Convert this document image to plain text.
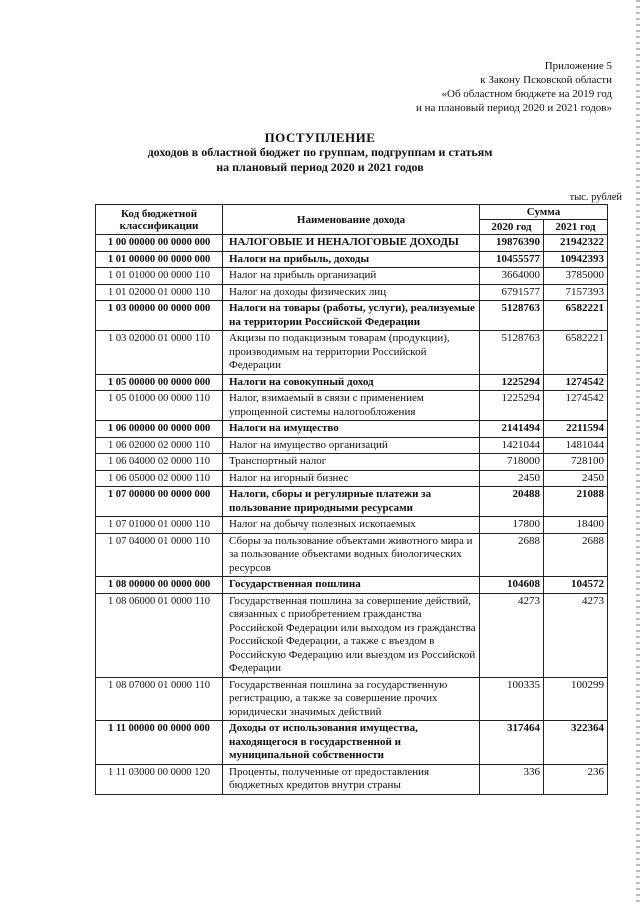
Приложение 5
к Закону Псковской области
«Об областном бюджете на 2019 год
и на плановый период 2020 и 2021 годов»
ПОСТУПЛЕНИЕ
доходов в областной бюджет по группам, подгруппам и статьям
на плановый период 2020 и 2021 годов
тыс. рублей
Код бюджетной классификации	Наименование дохода	Сумма	
		2020 год	2021 год
1 00 00000 00 0000 000	НАЛОГОВЫЕ И НЕНАЛОГОВЫЕ ДОХОДЫ	19876390	21942322
1 01 00000 00 0000 000	Налоги на прибыль, доходы	10455577	10942393
1 01 01000 00 0000 110	Налог на прибыль организаций	3664000	3785000
1 01 02000 01 0000 110	Налог на доходы физических лиц	6791577	7157393
1 03 00000 00 0000 000	Налоги на товары (работы, услуги), реализуемые на территории Российской Федерации	5128763	6582221
1 03 02000 01 0000 110	Акцизы по подакцизным товарам (продукции), производимым на территории Российской Федерации	5128763	6582221
1 05 00000 00 0000 000	Налоги на совокупный доход	1225294	1274542
1 05 01000 00 0000 110	Налог, взимаемый в связи с применением упрощенной системы налогообложения	1225294	1274542
1 06 00000 00 0000 000	Налоги на имущество	2141494	2211594
1 06 02000 02 0000 110	Налог на имущество организаций	1421044	1481044
1 06 04000 02 0000 110	Транспортный налог	718000	728100
1 06 05000 02 0000 110	Налог на игорный бизнес	2450	2450
1 07 00000 00 0000 000	Налоги, сборы и регулярные платежи за пользование природными ресурсами	20488	21088
1 07 01000 01 0000 110	Налог на добычу полезных ископаемых	17800	18400
1 07 04000 01 0000 110	Сборы за пользование объектами животного мира и за пользование объектами водных биологических ресурсов	2688	2688
1 08 00000 00 0000 000	Государственная пошлина	104608	104572
1 08 06000 01 0000 110	Государственная пошлина за совершение действий, связанных с приобретением гражданства Российской Федерации или выходом из гражданства Российской Федерации, а также с въездом в Российскую Федерацию или выездом из Российской Федерации	4273	4273
1 08 07000 01 0000 110	Государственная пошлина за государственную регистрацию, а также за совершение прочих юридически значимых действий	100335	100299
1 11 00000 00 0000 000	Доходы от использования имущества, находящегося в государственной и муниципальной собственности	317464	322364
1 11 03000 00 0000 120	Проценты, полученные от предоставления бюджетных кредитов внутри страны	336	236
